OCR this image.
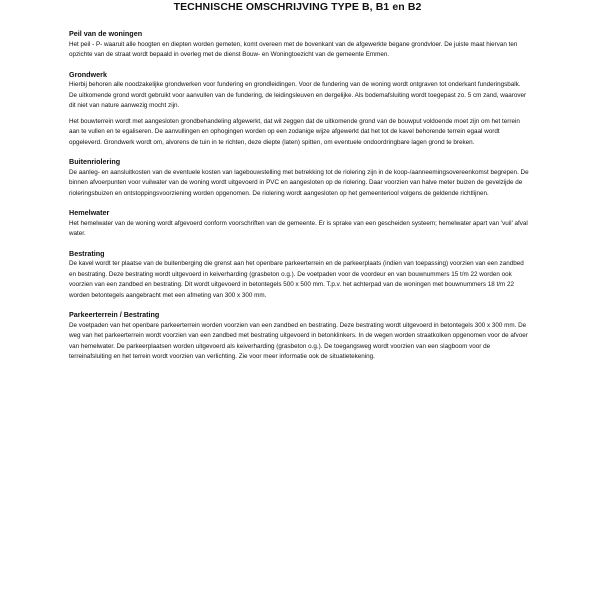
TECHNISCHE OMSCHRIJVING TYPE B, B1 en B2
Peil van de woningen

Het peil - P- waaruit alle hoogten en diepten worden gemeten, komt overeen met de bovenkant van de afgewerkte begane grondvloer. De juiste maat hiervan ten opzichte van de straat wordt bepaald in overleg met de dienst Bouw- en Woningtoezicht van de gemeente Emmen.

Grondwerk

Hierbij behoren alle noodzakelijke grondwerken voor fundering en grondleidingen. Voor de fundering van de woning wordt ontgraven tot onderkant funderingsbalk. De uitkomende grond wordt gebruikt voor aanvullen van de fundering, de leidingsleuven en dergelijke. Als bodemafsluiting wordt toegepast zo. 5 cm zand, waarover dit niet van nature aanwezig mocht zijn.

Het bouwterrein wordt met aangesloten grondbehandeling afgewerkt, dat wil zeggen dat de uitkomende grond van de bouwput voldoende moet zijn om het terrein aan te vullen en te egaliseren. De aanvullingen en ophogingen worden op een zodanige wijze afgewerkt dat het tot de kavel behorende terrein egaal wordt opgeleverd. Grondwerk wordt om, alvorens de tuin in te richten, deze diepte (laten) spitten, om eventuele ondoordringbare lagen grond te breken.

Buitenriolering

De aanleg- en aansluitkosten van de eventuele kosten van lagebouwstelling met betrekking tot de riolering zijn in de koop-/aanneemingsovereenkomst begrepen. De binnen afvoerpunten voor vuilwater van de woning wordt uitgevoerd in PVC en aangesloten op de riolering. Daar voorzien van halve meter buizen de gevelzijde de rioleringsbuizen en ontstoppingsvoorziening worden opgenomen. De riolering wordt aangesloten op het gemeenteriool volgens de geldende richtlijnen.

Hemelwater

Het hemelwater van de woning wordt afgevoerd conform voorschriften van de gemeente. Er is sprake van een gescheiden systeem; hemelwater apart van 'vuil' afval water.

Bestrating

De kavel wordt ter plaatse van de buitenberging die grenst aan het openbare parkeerterrein en de parkeerplaats (indien van toepassing) voorzien van een zandbed en bestrating. Deze bestrating wordt uitgevoerd in keiverharding (grasbeton o.g.). De voetpaden voor de voordeur en van bouwnummers 15 t/m 22 worden ook voorzien van een zandbed en bestrating. Dit wordt uitgevoerd in betontegels 500 x 500 mm. T.p.v. het achterpad van de woningen met bouwnummers 18 t/m 22 worden betontegels aangebracht met een afmeting van 300 x 300 mm.

Parkeerterrein / Bestrating

De voetpaden van het openbare parkeerterrein worden voorzien van een zandbed en bestrating. Deze bestrating wordt uitgevoerd in betontegels 300 x 300 mm. De weg van het parkeerterrein wordt voorzien van een zandbed met bestrating uitgevoerd in betonklinkers. In de wegen worden straatkolken opgenomen voor de afvoer van hemelwater. De parkeerplaatsen worden uitgevoerd als keiverharding (grasbeton o.g.). De toegangsweg wordt voorzien van een slagboom voor de terreinafsluiting en het terrein wordt voorzien van verlichting. Zie voor meer informatie ook de situatietekening.
